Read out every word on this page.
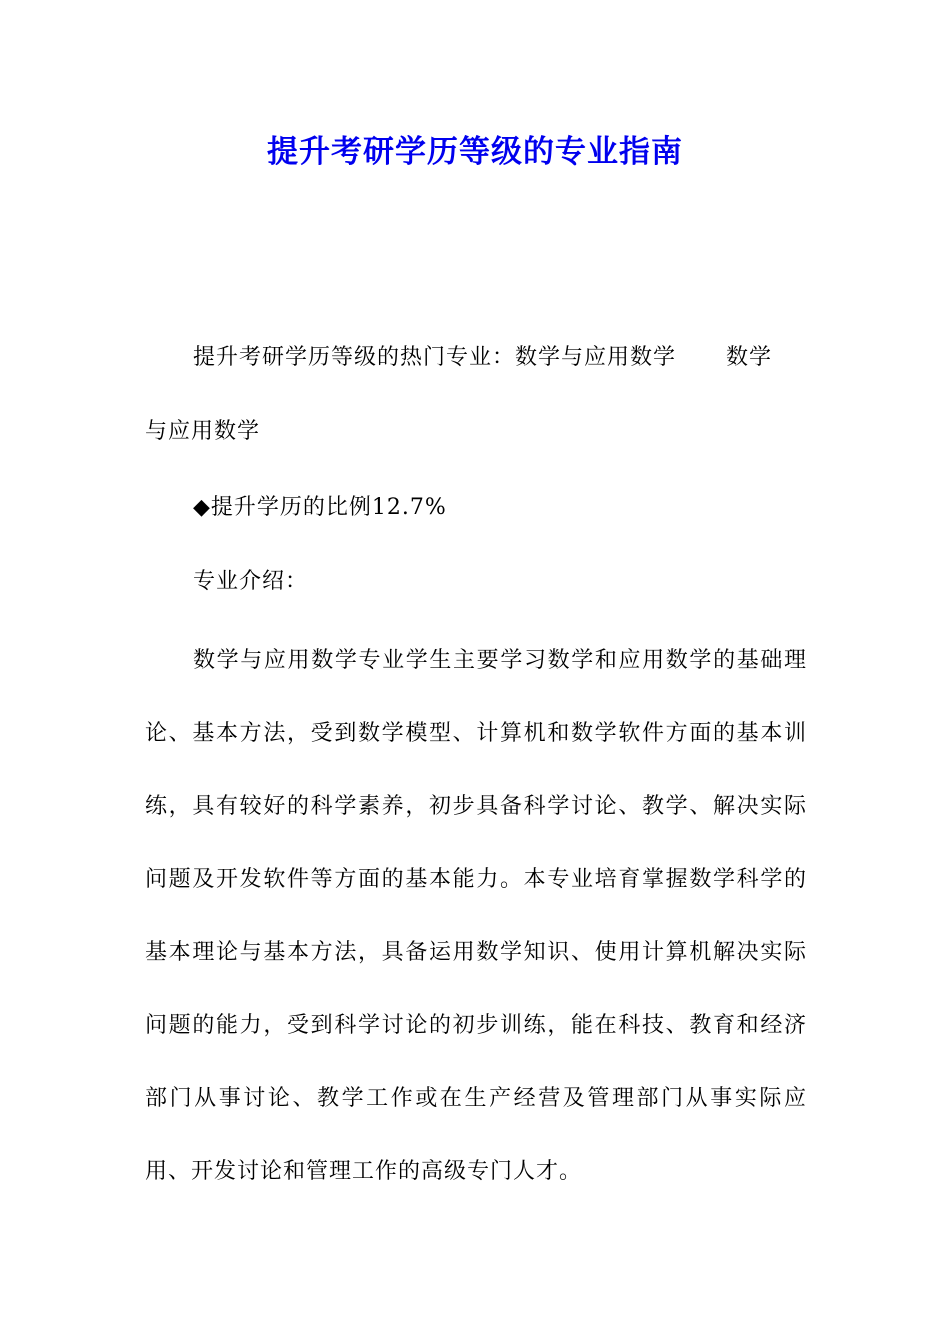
提升考研学历等级的专业指南
提升考研学历等级的热门专业：数学与应用数学 数学
与应用数学
◆提升学历的比例12.7%
专业介绍：

数学与应用数学专业学生主要学习数学和应用数学的基础理论、基本方法，受到数学模型、计算机和数学软件方面的基本训练，具有较好的科学素养，初步具备科学讨论、教学、解决实际问题及开发软件等方面的基本能力。本专业培育掌握数学科学的基本理论与基本方法，具备运用数学知识、使用计算机解决实际问题的能力，受到科学讨论的初步训练，能在科技、教育和经济部门从事讨论、教学工作或在生产经营及管理部门从事实际应用、开发讨论和管理工作的高级专门人才。
